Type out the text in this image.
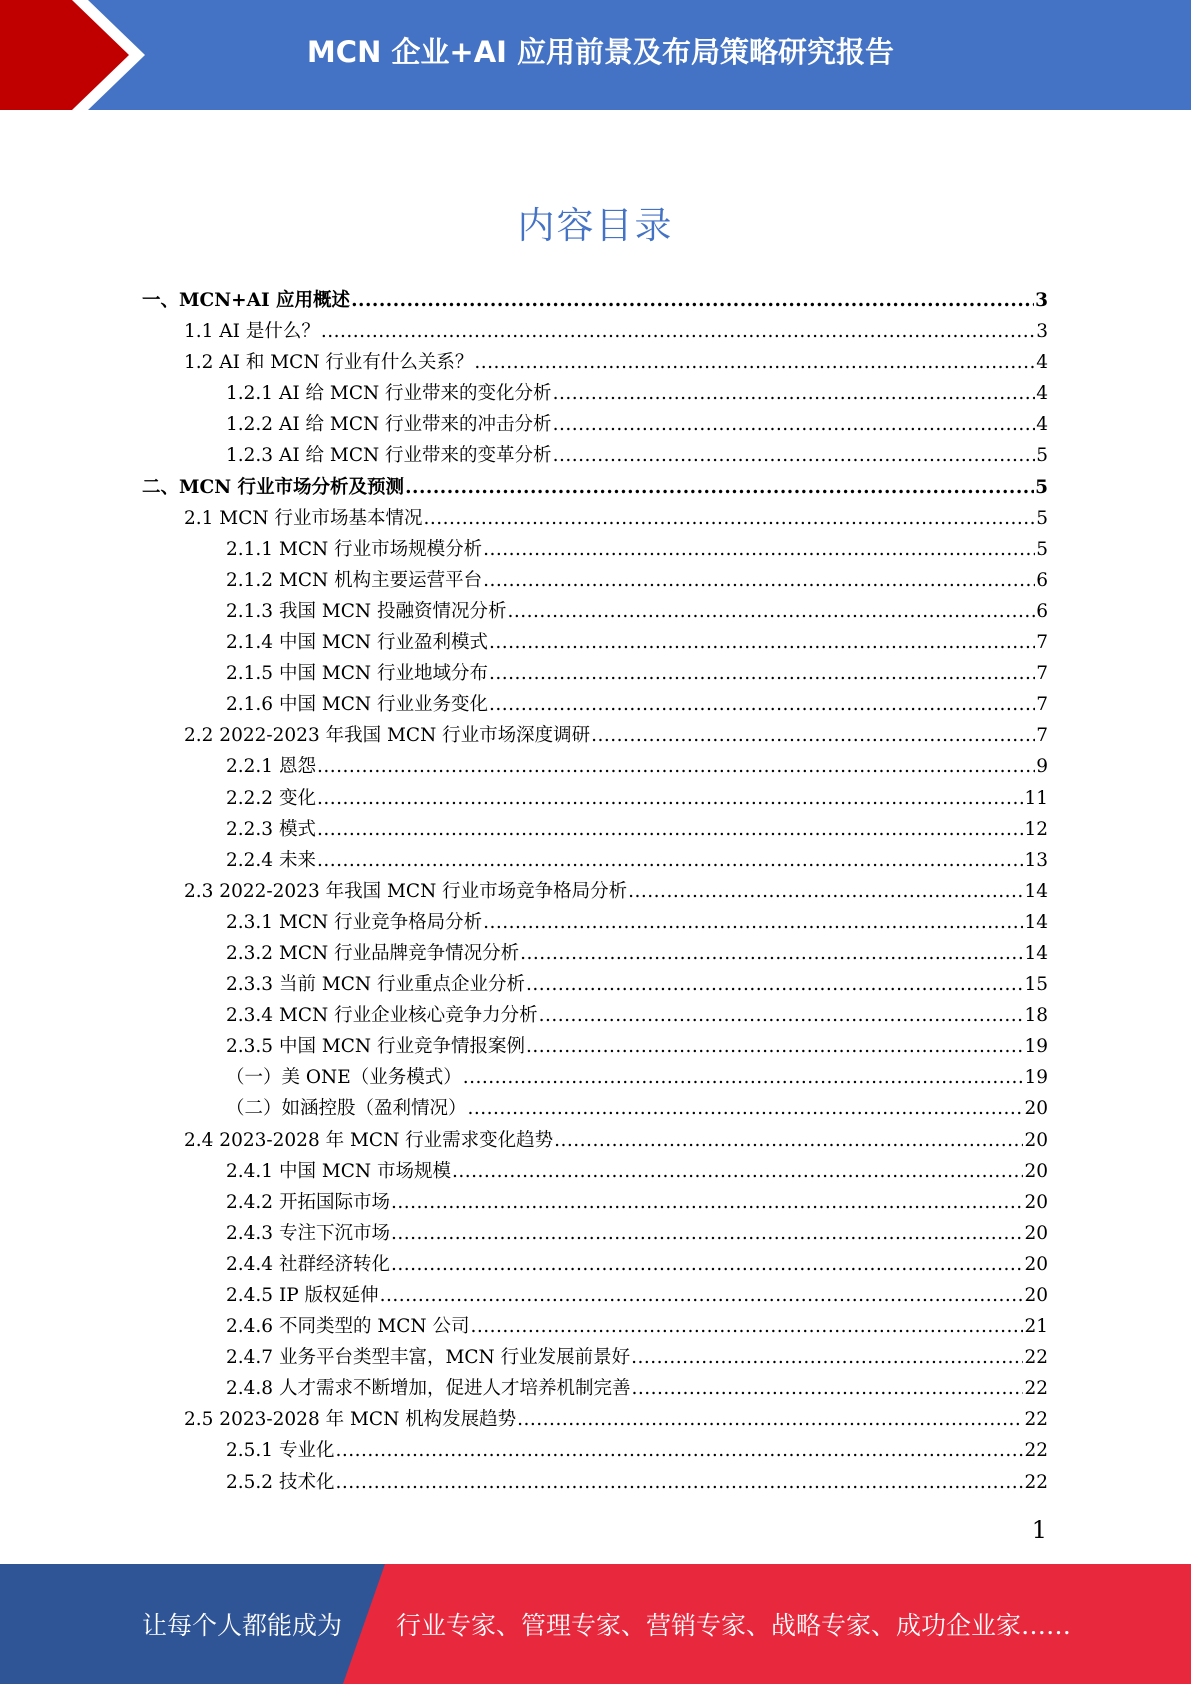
MCN 企业+AI 应用前景及布局策略研究报告
内容目录
一、MCN+AI 应用概述 .....	3
1.1 AI 是什么？ .....	3
1.2 AI 和 MCN 行业有什么关系？ .....	4
1.2.1 AI 给 MCN 行业带来的变化分析 .....	4
1.2.2 AI 给 MCN 行业带来的冲击分析 .....	4
1.2.3 AI 给 MCN 行业带来的变革分析 .....	5
二、MCN 行业市场分析及预测 .....	5
2.1 MCN 行业市场基本情况 .....	5
2.1.1 MCN 行业市场规模分析 .....	5
2.1.2 MCN 机构主要运营平台 .....	6
2.1.3 我国 MCN 投融资情况分析 .....	6
2.1.4 中国 MCN 行业盈利模式 .....	7
2.1.5 中国 MCN 行业地域分布 .....	7
2.1.6 中国 MCN 行业业务变化 .....	7
2.2 2022-2023 年我国 MCN 行业市场深度调研 .....	7
2.2.1 恩怨 .....	9
2.2.2 变化 .....	11
2.2.3 模式 .....	12
2.2.4 未来 .....	13
2.3 2022-2023 年我国 MCN 行业市场竞争格局分析 .....	14
2.3.1 MCN 行业竞争格局分析 .....	14
2.3.2 MCN 行业品牌竞争情况分析 .....	14
2.3.3 当前 MCN 行业重点企业分析 .....	15
2.3.4 MCN 行业企业核心竞争力分析 .....	18
2.3.5 中国 MCN 行业竞争情报案例 .....	19
（一）美 ONE（业务模式） .....	19
（二）如涵控股（盈利情况） .....	20
2.4 2023-2028 年 MCN 行业需求变化趋势 .....	20
2.4.1 中国 MCN 市场规模 .....	20
2.4.2 开拓国际市场 .....	20
2.4.3 专注下沉市场 .....	20
2.4.4 社群经济转化 .....	20
2.4.5 IP 版权延伸 .....	20
2.4.6 不同类型的 MCN 公司 .....	21
2.4.7 业务平台类型丰富，MCN 行业发展前景好 .....	22
2.4.8 人才需求不断增加，促进人才培养机制完善 .....	22
2.5 2023-2028 年 MCN 机构发展趋势 .....	22
2.5.1 专业化 .....	22
2.5.2 技术化 .....	22
1
让每个人都能成为 行业专家、管理专家、营销专家、战略专家、成功企业家……
